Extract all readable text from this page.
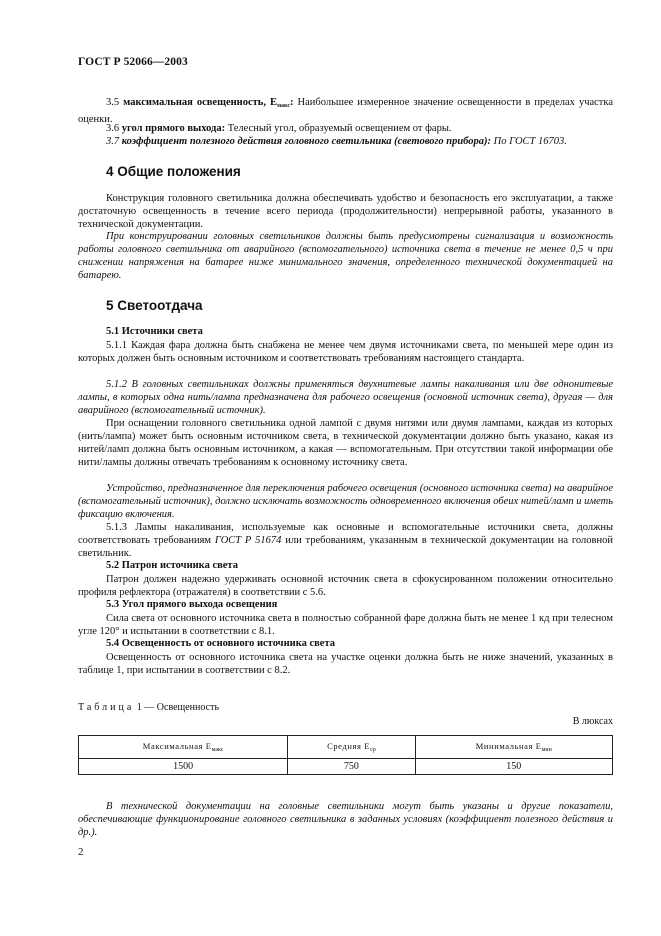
ГОСТ Р 52066—2003

3.5 максимальная освещенность, $E_{макс}$: Наибольшее измеренное значение освещенности в пределах участка оценки.

3.6 угол прямого выхода: Телесный угол, образуемый освещением от фары.

3.7 коэффициент полезного действия головного светильника (светового прибора): По ГОСТ 16703.

4 Общие положения

Конструкция головного светильника должна обеспечивать удобство и безопасность его эксплуатации, а также достаточную освещенность в течение всего периода (продолжительности) непрерывной работы, указанного в технической документации.

При конструировании головных светильников должны быть предусмотрены сигнализация и возможность работы головного светильника от аварийного (вспомогательного) источника света в течение не менее 0,5 ч при снижении напряжения на батарее ниже минимального значения, определенного технической документацией на батарею.

5 Светоотдача
5.1 Источники света

5.1.1 Каждая фара должна быть снабжена не менее чем двумя источниками света, по меньшей мере один из которых должен быть основным источником и соответствовать требованиям настоящего стандарта.

5.1.2 В головных светильниках должны применяться двухнитевые лампы накаливания или две однонитевые лампы, в которых одна нить/лампа предназначена для рабочего освещения (основной источник света), другая — для аварийного (вспомогательный источник).

При оснащении головного светильника одной лампой с двумя нитями или двумя лампами, каждая из которых (нить/лампа) может быть основным источником света, в технической документации должно быть указано, какая из нитей/ламп должна быть основным источником, а какая — вспомогательным. При отсутствии такой информации обе нити/лампы должны отвечать требованиям к основному источнику света.

Устройство, предназначенное для переключения рабочего освещения (основного источника света) на аварийное (вспомогательный источник), должно исключать возможность одновременного включения обеих нитей/ламп и иметь фиксацию включения.

5.1.3 Лампы накаливания, используемые как основные и вспомогательные источники света, должны соответствовать требованиям ГОСТ Р 51674 или требованиям, указанным в технической документации на головной светильник.

5.2 Патрон источника света

Патрон должен надежно удерживать основной источник света в сфокусированном положении относительно профиля рефлектора (отражателя) в соответствии с 5.6.

5.3 Угол прямого выхода освещения

Сила света от основного источника света в полностью собранной фаре должна быть не менее 1 кд при телесном угле 120° и испытании в соответствии с 8.1.

5.4 Освещенность от основного источника света

Освещенность от основного источника света на участке оценки должна быть не ниже значений, указанных в таблице 1, при испытании в соответствии с 8.2.

Таблица 1 — Освещенность
В люксах
Максимальная $E_{макс}$	Средняя $E_{ср}$	Минимальная $E_{мин}$
1500	750	150

В технической документации на головные светильники могут быть указаны и другие показатели, обеспечивающие функционирование головного светильника в заданных условиях (коэффициент полезного действия и др.).

2
